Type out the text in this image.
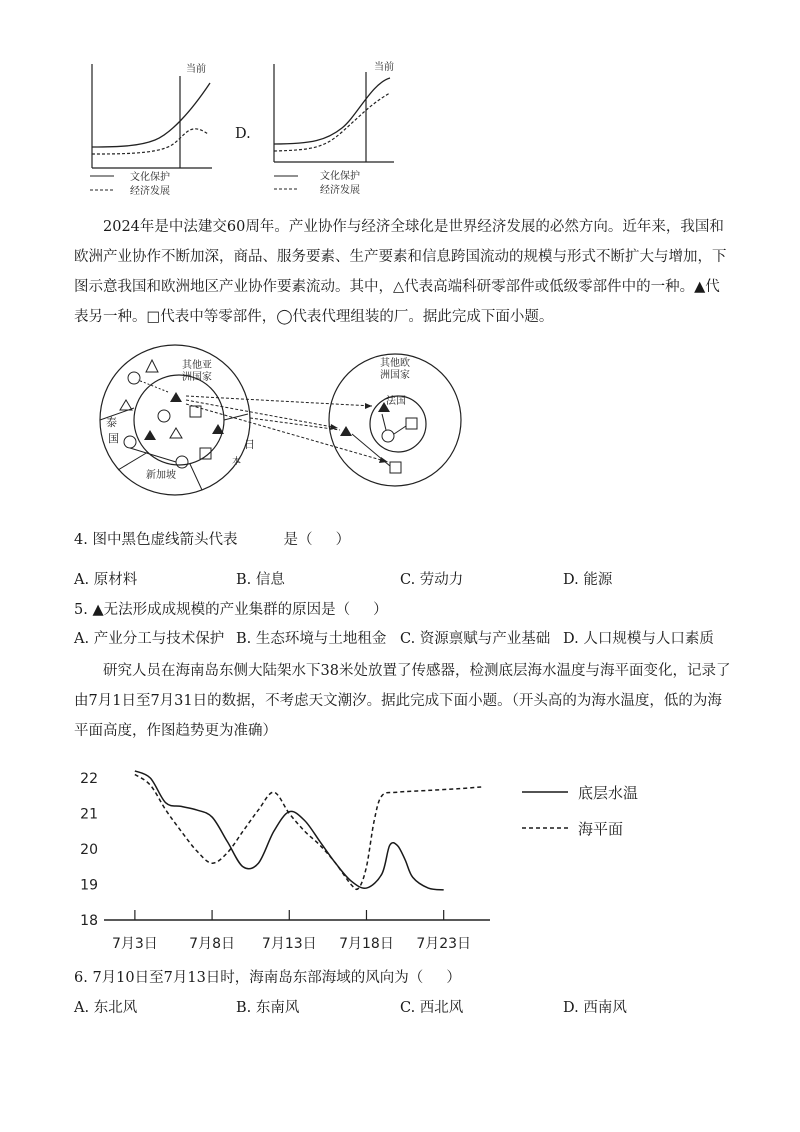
当前
文化保护
经济发展
D.
当前
文化保护
经济发展
2024年是中法建交60周年。产业协作与经济全球化是世界经济发展的必然方向。近年来，我国和欧洲产业协作不断加深，商品、服务要素、生产要素和信息跨国流动的规模与形式不断扩大与增加，下图示意我国和欧洲地区产业协作要素流动。其中，△代表高端科研零部件或低级零部件中的一种。▲代表另一种。□代表中等零部件，◯代表代理组装的厂。据此完成下面小题。
其他亚
洲国家
泰
国	日
本
新加坡
其他欧
洲国家
法国
4. 图中黑色虚线箭头代表          是（     ）
A. 原材料	B. 信息	C. 劳动力	D. 能源
5. ▲无法形成成规模的产业集群的原因是（     ）
A. 产业分工与技术保护 B. 生态环境与土地租金 C. 资源禀赋与产业基础 D. 人口规模与人口素质
研究人员在海南岛东侧大陆架水下38米处放置了传感器，检测底层海水温度与海平面变化，记录了由7月1日至7月31日的数据，不考虑天文潮汐。据此完成下面小题。（开头高的为海水温度，低的为海平面高度，作图趋势更为准确）
22
21
20
19
18
7月3日 7月8日 7月13日 7月18日 7月23日
底层水温
海平面
6. 7月10日至7月13日时，海南岛东部海域的风向为（     ）
A. 东北风	B. 东南风	C. 西北风	D. 西南风
